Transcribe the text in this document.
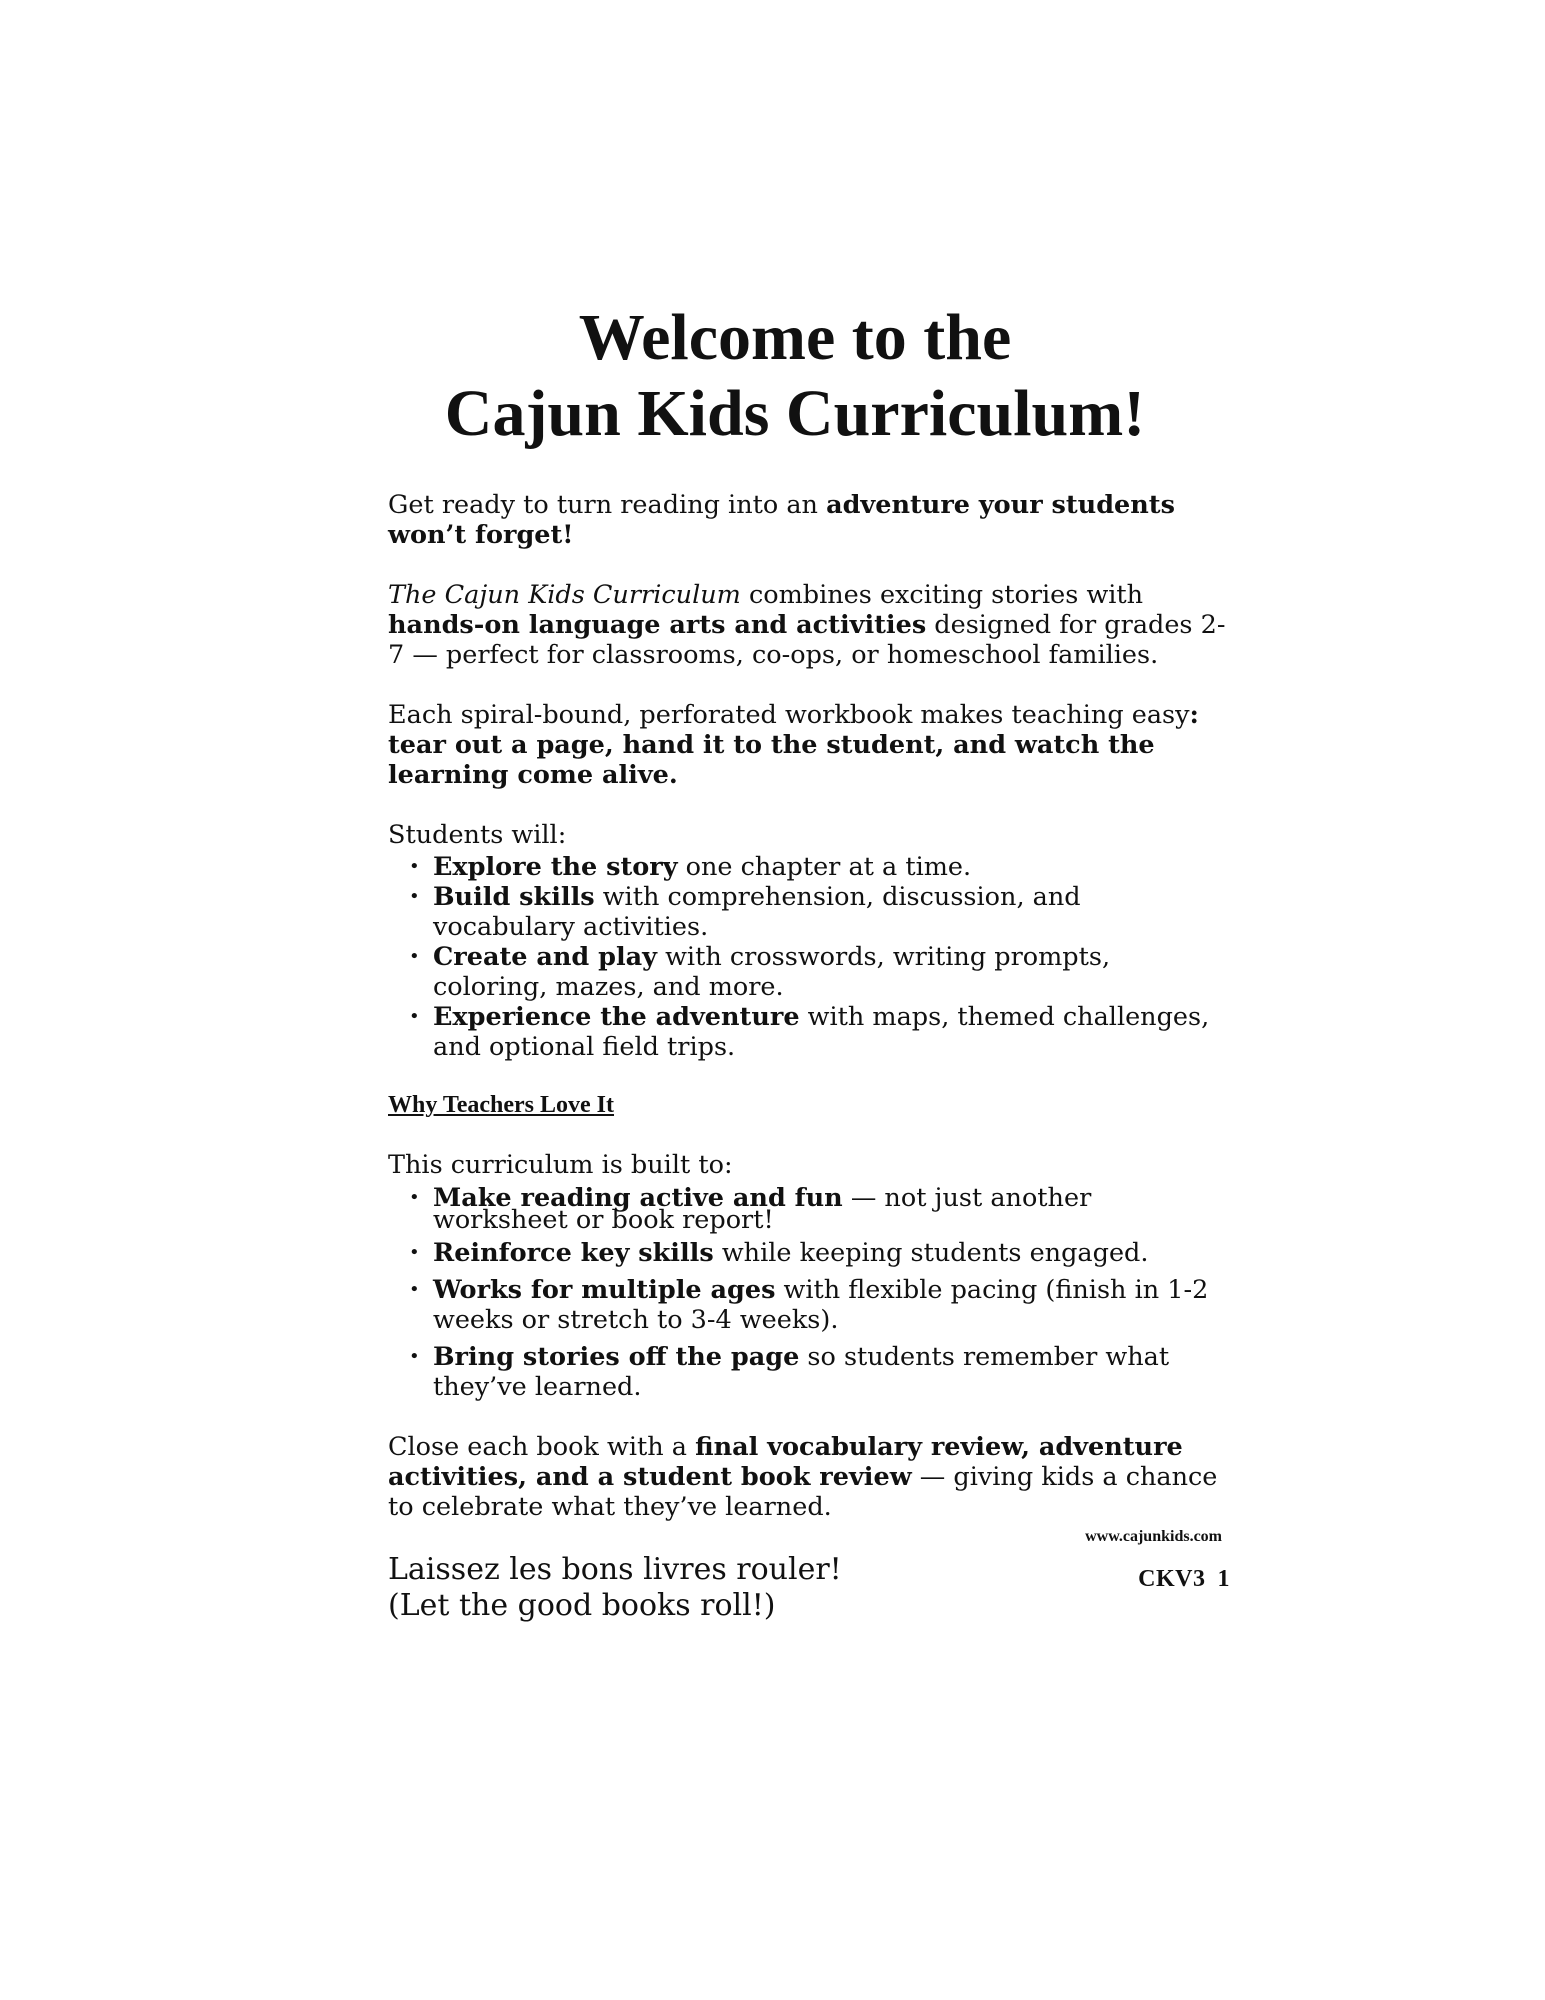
Welcome to the
Cajun Kids Curriculum!

Get ready to turn reading into an adventure your students won’t forget!

The Cajun Kids Curriculum combines exciting stories with hands-on language arts and activities designed for grades 2-7 — perfect for classrooms, co-ops, or homeschool families.

Each spiral-bound, perforated workbook makes teaching easy: tear out a page, hand it to the student, and watch the learning come alive.

Students will:

• Explore the story one chapter at a time.
• Build skills with comprehension, discussion, and vocabulary activities.
• Create and play with crosswords, writing prompts, coloring, mazes, and more.
• Experience the adventure with maps, themed challenges, and optional field trips.

Why Teachers Love It

This curriculum is built to:

• Make reading active and fun — not just another worksheet or book report!
• Reinforce key skills while keeping students engaged.
• Works for multiple ages with flexible pacing (finish in 1-2 weeks or stretch to 3-4 weeks).
• Bring stories off the page so students remember what they’ve learned.

Close each book with a final vocabulary review, adventure activities, and a student book review — giving kids a chance to celebrate what they’ve learned.

Laissez les bons livres rouler!
(Let the good books roll!)
www.cajunkids.com
CKV3 1
